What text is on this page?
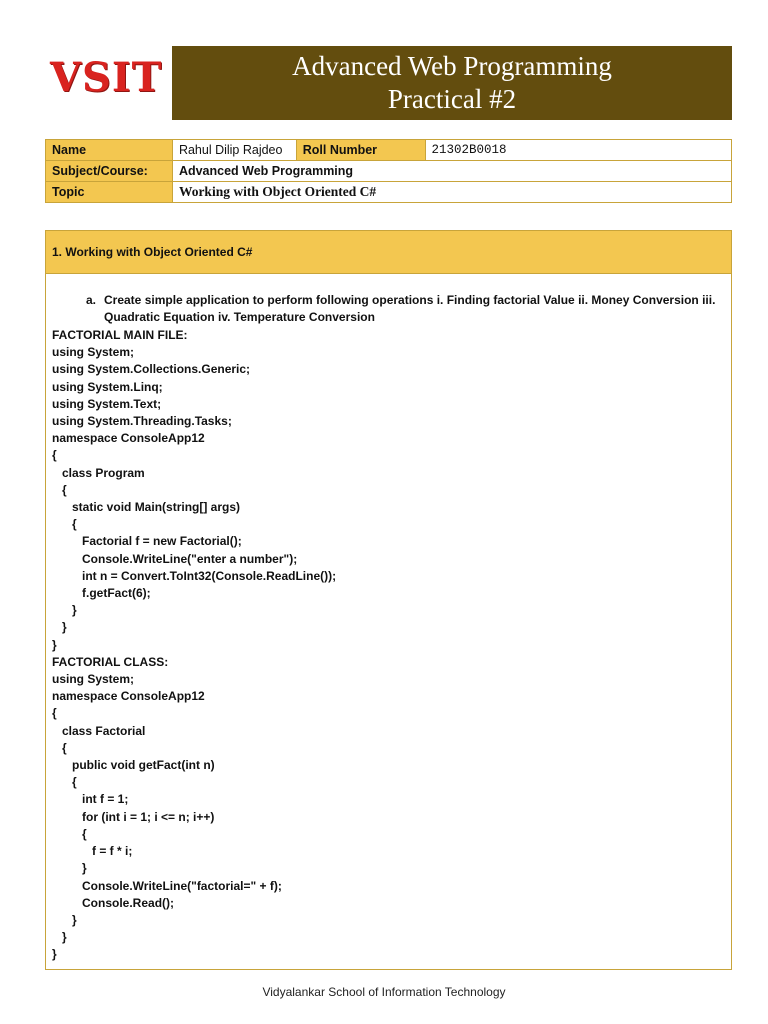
VSIT	Advanced Web Programming
Practical #2
Name	Rahul Dilip Rajdeo	Roll Number	21302B0018
Subject/Course:	Advanced Web Programming		
Topic	Working with Object Oriented C#		
1. Working with Object Oriented C#
a. Create simple application to perform following operations i. Finding factorial Value ii. Money Conversion iii. Quadratic Equation iv. Temperature Conversion
FACTORIAL MAIN FILE:
using System;
using System.Collections.Generic;
using System.Linq;
using System.Text;
using System.Threading.Tasks;
namespace ConsoleApp12
{
class Program
{
static void Main(string[] args)
{
Factorial f = new Factorial();
Console.WriteLine("enter a number");
int n = Convert.ToInt32(Console.ReadLine());
f.getFact(6);
}
}
}
FACTORIAL CLASS:
using System;
namespace ConsoleApp12
{
class Factorial
{
public void getFact(int n)
{
int f = 1;
for (int i = 1; i <= n; i++)
{
f = f * i;
}
Console.WriteLine("factorial=" + f);
Console.Read();
}
}
}
Vidyalankar School of Information Technology
